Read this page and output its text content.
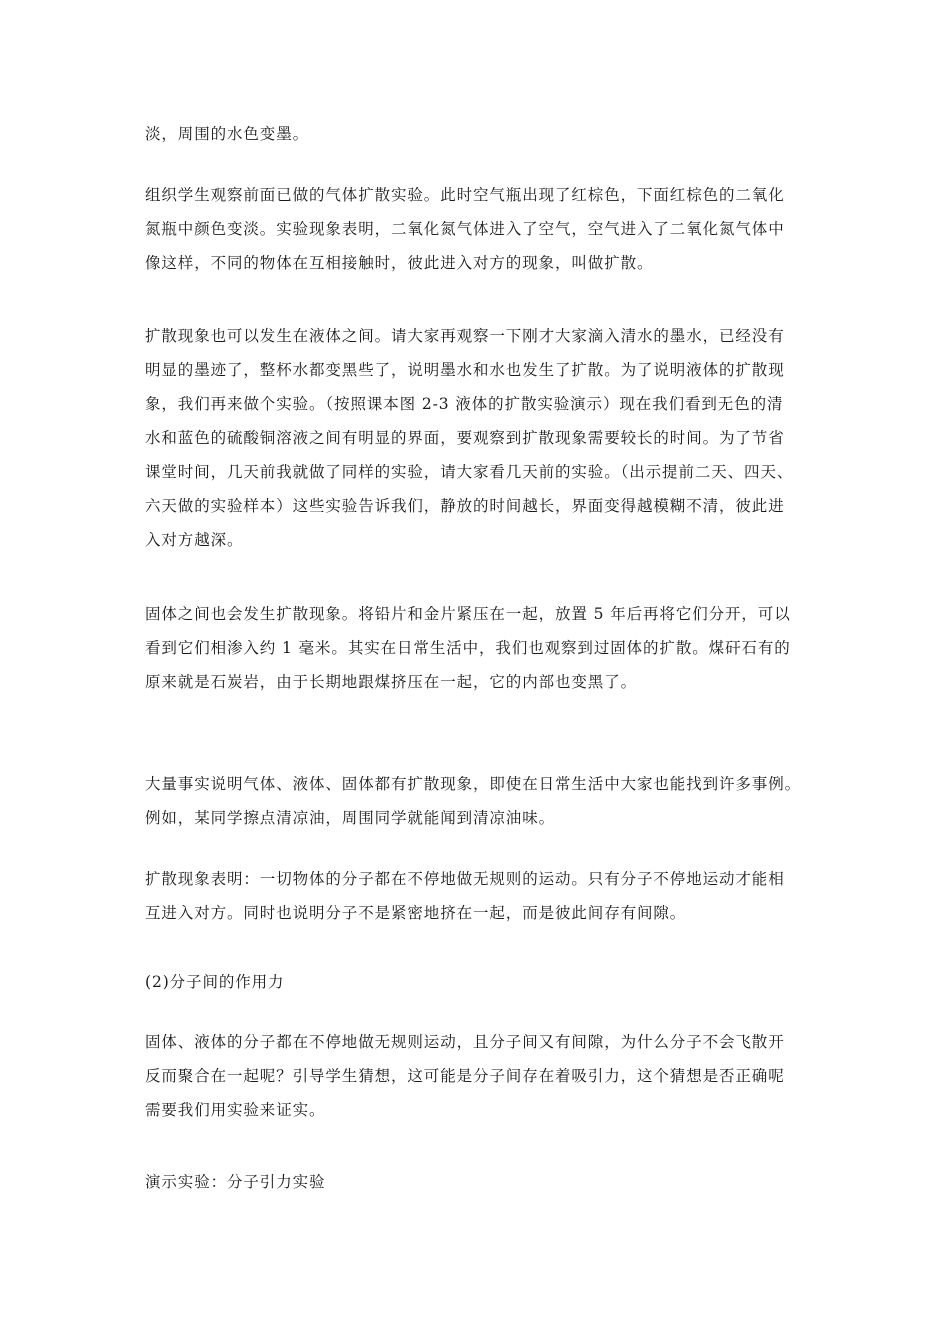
淡，周围的水色变墨。

组织学生观察前面已做的气体扩散实验。此时空气瓶出现了红棕色，下面红棕色的二氧化
氮瓶中颜色变淡。实验现象表明，二氧化氮气体进入了空气，空气进入了二氧化氮气体中
像这样，不同的物体在互相接触时，彼此进入对方的现象，叫做扩散。

扩散现象也可以发生在液体之间。请大家再观察一下刚才大家滴入清水的墨水，已经没有
明显的墨迹了，整杯水都变黑些了，说明墨水和水也发生了扩散。为了说明液体的扩散现
象，我们再来做个实验。（按照课本图 2-3 液体的扩散实验演示）现在我们看到无色的清
水和蓝色的硫酸铜溶液之间有明显的界面，要观察到扩散现象需要较长的时间。为了节省
课堂时间，几天前我就做了同样的实验，请大家看几天前的实验。（出示提前二天、四天、
六天做的实验样本）这些实验告诉我们，静放的时间越长，界面变得越模糊不清，彼此进
入对方越深。

固体之间也会发生扩散现象。将铅片和金片紧压在一起，放置 5 年后再将它们分开，可以
看到它们相渗入约 1 毫米。其实在日常生活中，我们也观察到过固体的扩散。煤矸石有的
原来就是石炭岩，由于长期地跟煤挤压在一起，它的内部也变黑了。

大量事实说明气体、液体、固体都有扩散现象，即使在日常生活中大家也能找到许多事例。
例如，某同学擦点清凉油，周围同学就能闻到清凉油味。

扩散现象表明：一切物体的分子都在不停地做无规则的运动。只有分子不停地运动才能相
互进入对方。同时也说明分子不是紧密地挤在一起，而是彼此间存有间隙。

(2)分子间的作用力

固体、液体的分子都在不停地做无规则运动，且分子间又有间隙，为什么分子不会飞散开
反而聚合在一起呢？引导学生猜想，这可能是分子间存在着吸引力，这个猜想是否正确呢
需要我们用实验来证实。

演示实验：分子引力实验
